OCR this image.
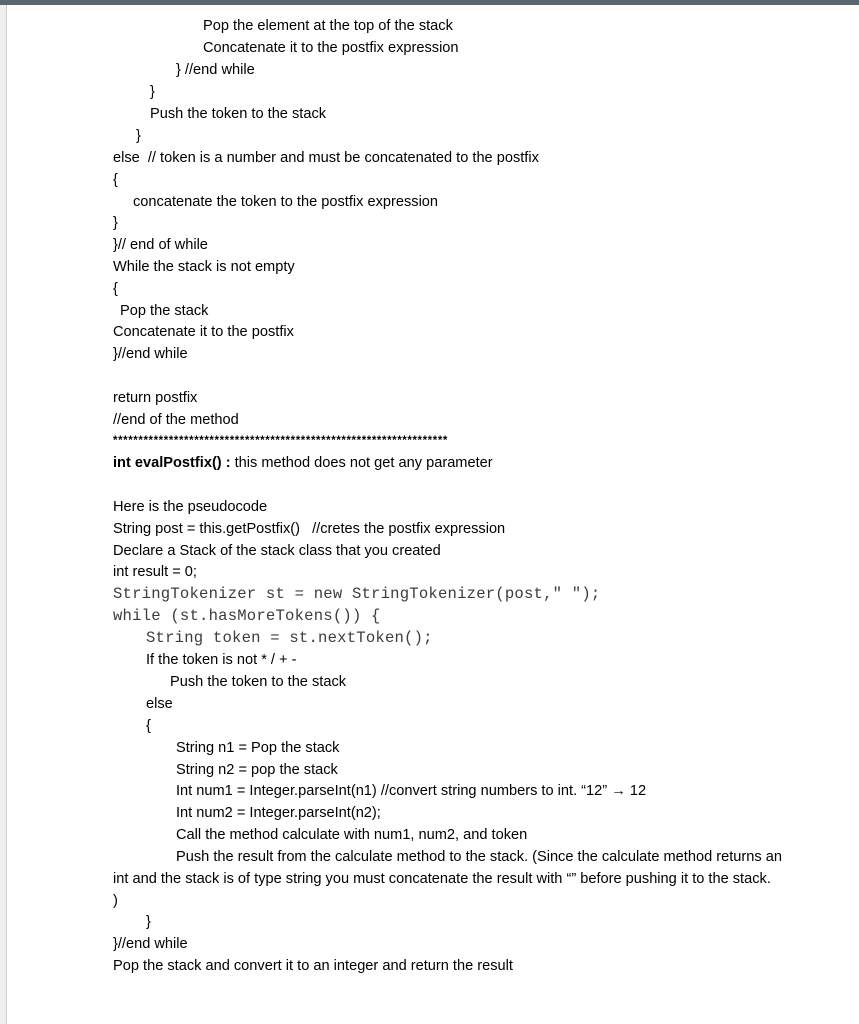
Pop the element at the top of the stack
Concatenate it to the postfix expression
} //end while
}
Push the token to the stack
}
else  // token is a number and must be concatenated to the postfix
{
concatenate the token to the postfix expression
}
}// end of while
While the stack is not empty
{
Pop the stack
Concatenate it to the postfix
}//end while
return postfix
//end of the method
******************************************************************
int evalPostfix() : this method does not get any parameter
Here is the pseudocode
String post = this.getPostfix()   //cretes the postfix expression
Declare a Stack of the stack class that you created
int result = 0;
StringTokenizer st = new StringTokenizer(post," ");
while (st.hasMoreTokens()) {
String token = st.nextToken();
If the token is not * / + -
Push the token to the stack
else
{
String n1 = Pop the stack
String n2 = pop the stack
Int num1 = Integer.parseInt(n1) //convert string numbers to int. “12” → 12
Int num2 = Integer.parseInt(n2);
Call the method calculate with num1, num2, and token
Push the result from the calculate method to the stack. (Since the calculate method returns an
int and the stack is of type string you must concatenate the result with “” before pushing it to the stack.
)
}
}//end while
Pop the stack and convert it to an integer and return the result
